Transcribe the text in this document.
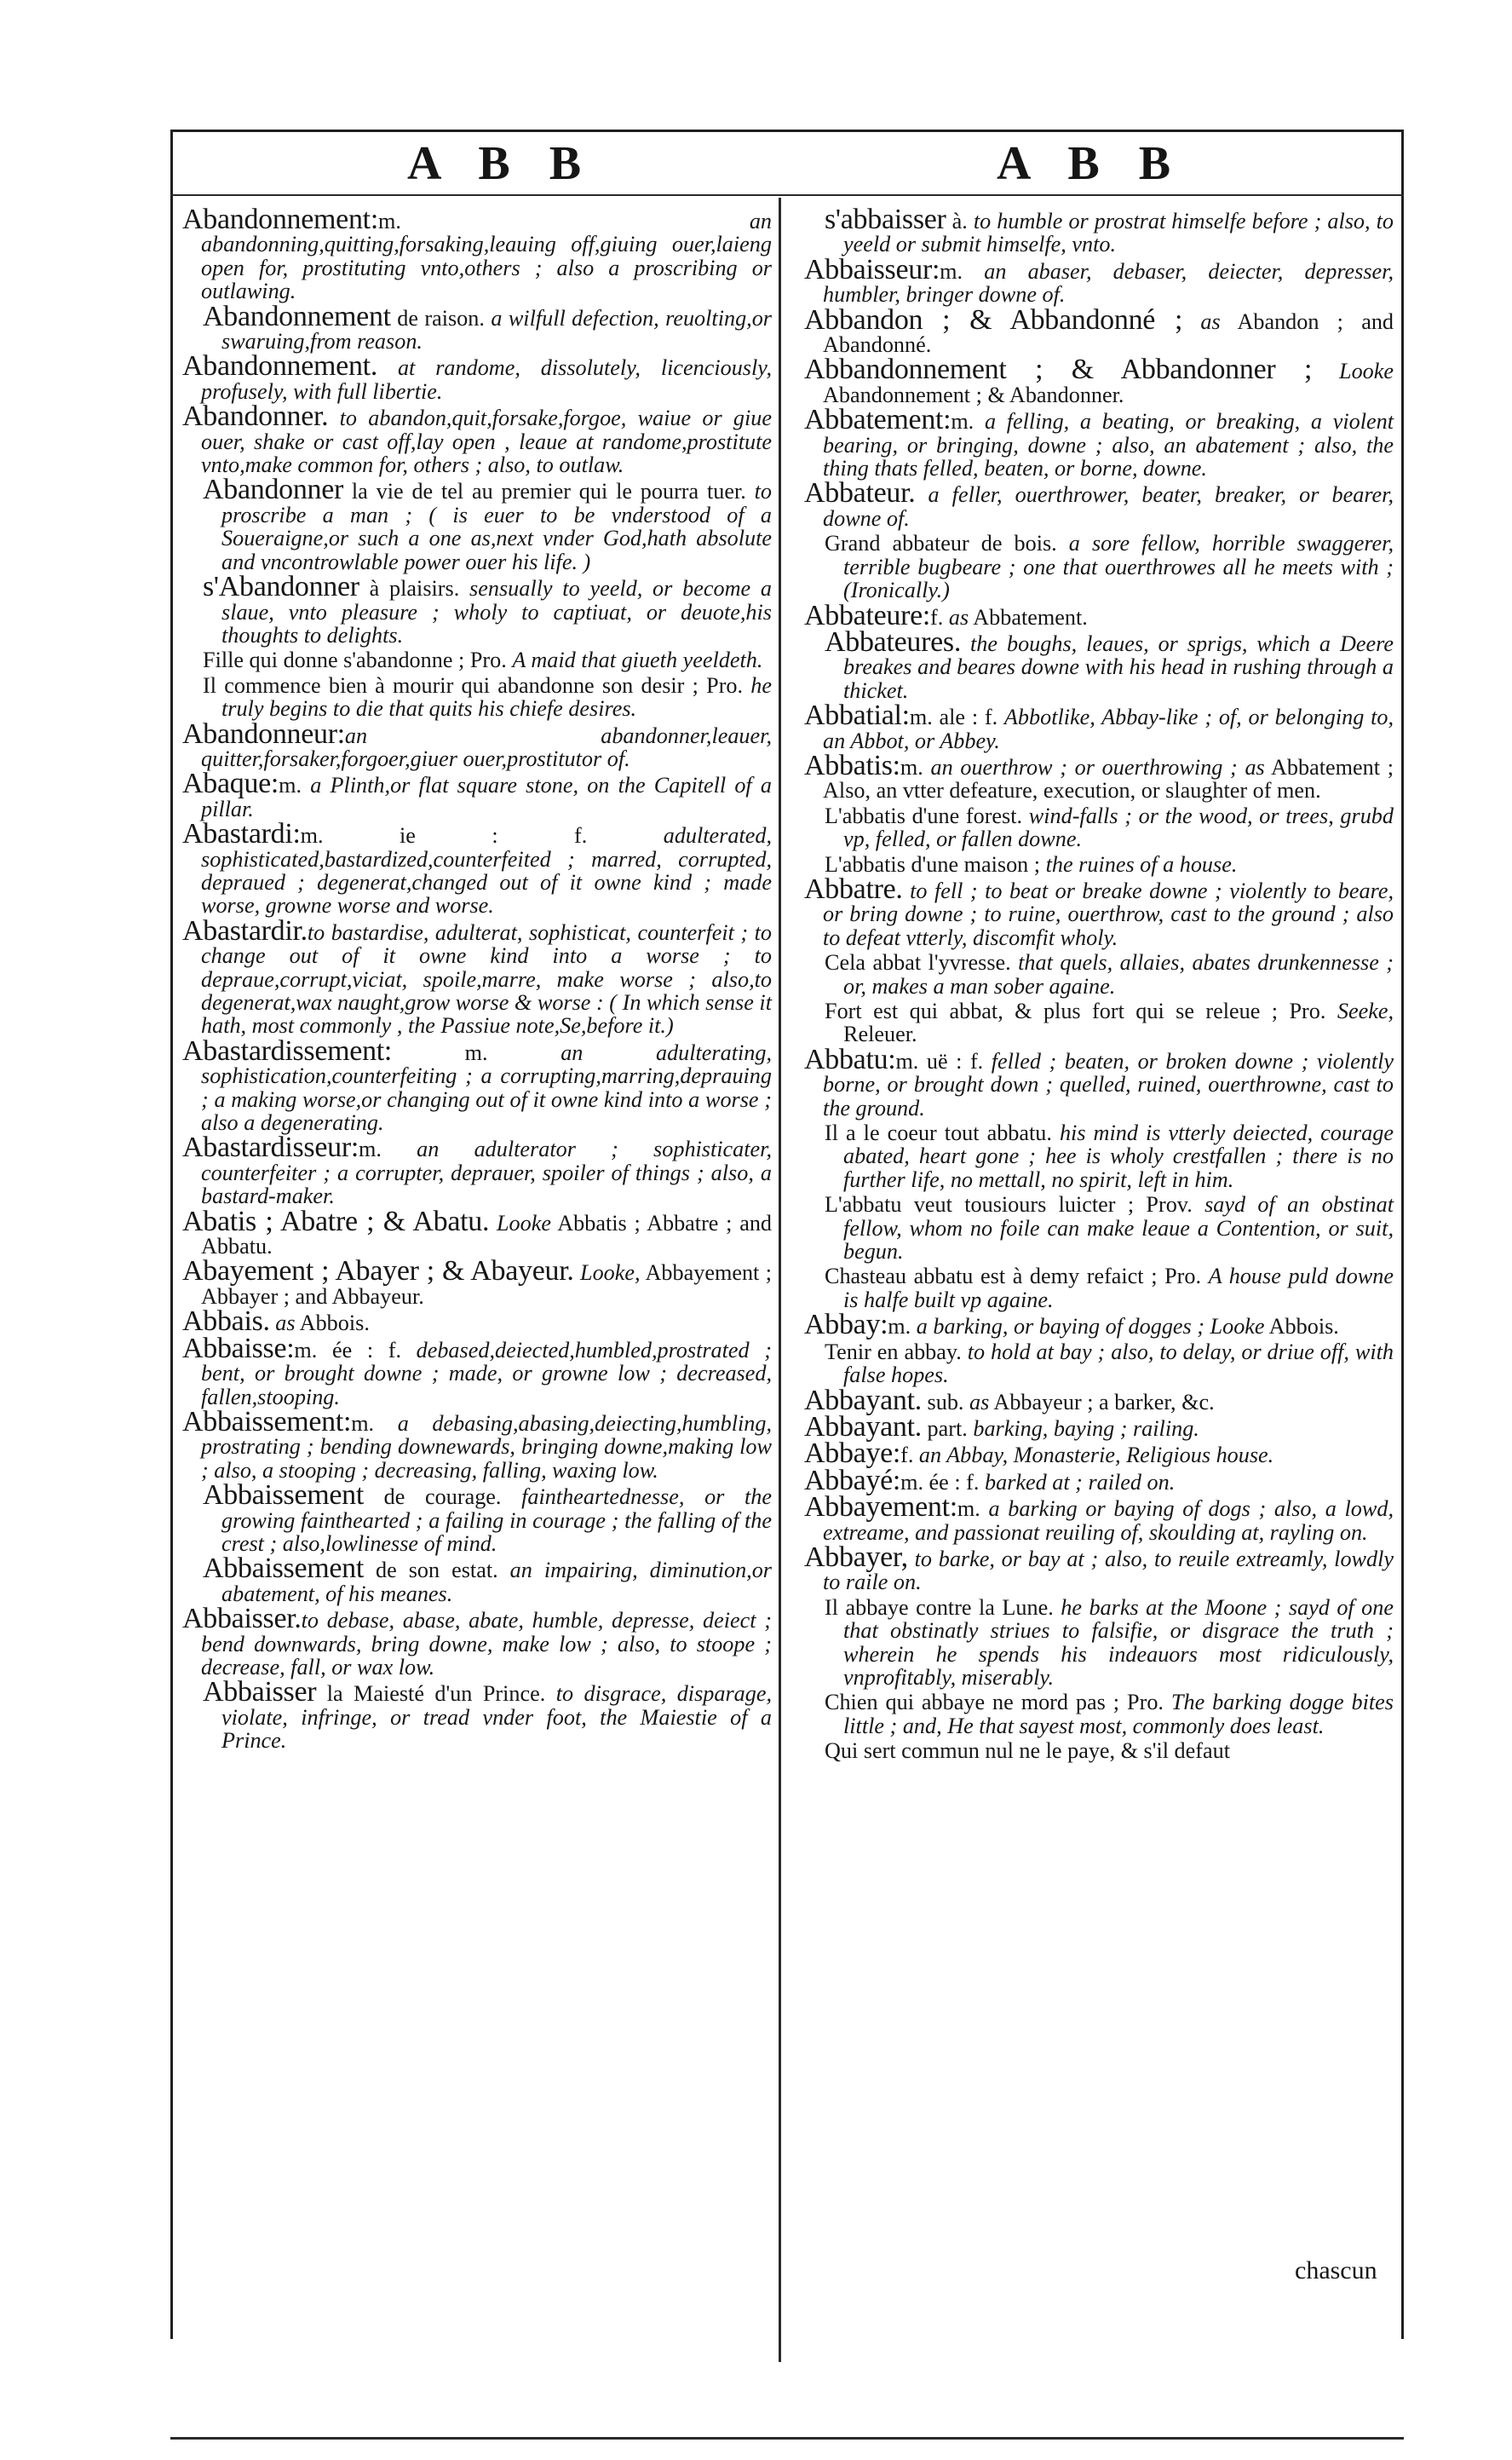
A B B	A B B
Abandonnement:m. an abandonning,quitting,forsaking,leauing off,giuing ouer,laieng open for, prostituting vnto,others ; also a proscribing or outlawing.
Abandonnement de raison. a wilfull defection, reuolting,or swaruing,from reason.
Abandonnement. at randome, dissolutely, licenciously, profusely, with full libertie.
Abandonner. to abandon,quit,forsake,forgoe, waiue or giue ouer, shake or cast off,lay open , leaue at randome,prostitute vnto,make common for, others ; also, to outlaw.
Abandonner la vie de tel au premier qui le pourra tuer. to proscribe a man ; ( is euer to be vnderstood of a Soueraigne,or such a one as,next vnder God,hath absolute and vncontrowlable power ouer his life. )
s'Abandonner à plaisirs. sensually to yeeld, or become a slaue, vnto pleasure ; wholy to captiuat, or deuote,his thoughts to delights.
Fille qui donne s'abandonne ; Pro. A maid that giueth yeeldeth.
Il commence bien à mourir qui abandonne son desir ; Pro. he truly begins to die that quits his chiefe desires.
Abandonneur:an abandonner,leauer, quitter,forsaker,forgoer,giuer ouer,prostitutor of.
Abaque:m. a Plinth,or flat square stone, on the Capitell of a pillar.
Abastardi:m. ie : f. adulterated, sophisticated,bastardized,counterfeited ; marred, corrupted, depraued ; degenerat,changed out of it owne kind ; made worse, growne worse and worse.
Abastardir.to bastardise, adulterat, sophisticat, counterfeit ; to change out of it owne kind into a worse ; to depraue,corrupt,viciat, spoile,marre, make worse ; also,to degenerat,wax naught,grow worse & worse : ( In which sense it hath, most commonly , the Passiue note,Se,before it.)
Abastardissement: m. an adulterating, sophistication,counterfeiting ; a corrupting,marring,deprauing ; a making worse,or changing out of it owne kind into a worse ; also a degenerating.
Abastardisseur:m. an adulterator ; sophisticater, counterfeiter ; a corrupter, deprauer, spoiler of things ; also, a bastard-maker.
Abatis ; Abatre ; & Abatu. Looke Abbatis ; Abbatre ; and Abbatu.
Abayement ; Abayer ; & Abayeur. Looke, Abbayement ; Abbayer ; and Abbayeur.
Abbais. as Abbois.
Abbaisse:m. ée : f. debased,deiected,humbled,prostrated ; bent, or brought downe ; made, or growne low ; decreased, fallen,stooping.
Abbaissement:m. a debasing,abasing,deiecting,humbling, prostrating ; bending downewards, bringing downe,making low ; also, a stooping ; decreasing, falling, waxing low.
Abbaissement de courage. faintheartednesse, or the growing fainthearted ; a failing in courage ; the falling of the crest ; also,lowlinesse of mind.
Abbaissement de son estat. an impairing, diminution,or abatement, of his meanes.
Abbaisser.to debase, abase, abate, humble, depresse, deiect ; bend downwards, bring downe, make low ; also, to stoope ; decrease, fall, or wax low.
Abbaisser la Maiesté d'un Prince. to disgrace, disparage, violate, infringe, or tread vnder foot, the Maiestie of a Prince.
s'abbaisser à. to humble or prostrat himselfe before ; also, to yeeld or submit himselfe, vnto.
Abbaisseur:m. an abaser, debaser, deiecter, depresser, humbler, bringer downe of.
Abbandon ; & Abbandonné ; as Abandon ; and Abandonné.
Abbandonnement ; & Abbandonner ; Looke Abandonnement ; & Abandonner.
Abbatement:m. a felling, a beating, or breaking, a violent bearing, or bringing, downe ; also, an abatement ; also, the thing thats felled, beaten, or borne, downe.
Abbateur. a feller, ouerthrower, beater, breaker, or bearer, downe of.
Grand abbateur de bois. a sore fellow, horrible swaggerer, terrible bugbeare ; one that ouerthrowes all he meets with ; (Ironically.)
Abbateure:f. as Abbatement.
Abbateures. the boughs, leaues, or sprigs, which a Deere breakes and beares downe with his head in rushing through a thicket.
Abbatial:m. ale : f. Abbotlike, Abbay-like ; of, or belonging to, an Abbot, or Abbey.
Abbatis:m. an ouerthrow ; or ouerthrowing ; as Abbatement ; Also, an vtter defeature, execution, or slaughter of men.
L'abbatis d'une forest. wind-falls ; or the wood, or trees, grubd vp, felled, or fallen downe.
L'abbatis d'une maison ; the ruines of a house.
Abbatre. to fell ; to beat or breake downe ; violently to beare, or bring downe ; to ruine, ouerthrow, cast to the ground ; also to defeat vtterly, discomfit wholy.
Cela abbat l'yvresse. that quels, allaies, abates drunkennesse ; or, makes a man sober againe.
Fort est qui abbat, & plus fort qui se releue ; Pro. Seeke, Releuer.
Abbatu:m. uë : f. felled ; beaten, or broken downe ; violently borne, or brought down ; quelled, ruined, ouerthrowne, cast to the ground.
Il a le coeur tout abbatu. his mind is vtterly deiected, courage abated, heart gone ; hee is wholy crestfallen ; there is no further life, no mettall, no spirit, left in him.
L'abbatu veut tousiours luicter ; Prov. sayd of an obstinat fellow, whom no foile can make leaue a Contention, or suit, begun.
Chasteau abbatu est à demy refaict ; Pro. A house puld downe is halfe built vp againe.
Abbay:m. a barking, or baying of dogges ; Looke Abbois.
Tenir en abbay. to hold at bay ; also, to delay, or driue off, with false hopes.
Abbayant. sub. as Abbayeur ; a barker, &c.
Abbayant. part. barking, baying ; railing.
Abbaye:f. an Abbay, Monasterie, Religious house.
Abbayé:m. ée : f. barked at ; railed on.
Abbayement:m. a barking or baying of dogs ; also, a lowd, extreame, and passionat reuiling of, skoulding at, rayling on.
Abbayer, to barke, or bay at ; also, to reuile extreamly, lowdly to raile on.
Il abbaye contre la Lune. he barks at the Moone ; sayd of one that obstinatly striues to falsifie, or disgrace the truth ; wherein he spends his indeauors most ridiculously, vnprofitably, miserably.
Chien qui abbaye ne mord pas ; Pro. The barking dogge bites little ; and, He that sayest most, commonly does least.
Qui sert commun nul ne le paye, & s'il defaut
chascun
